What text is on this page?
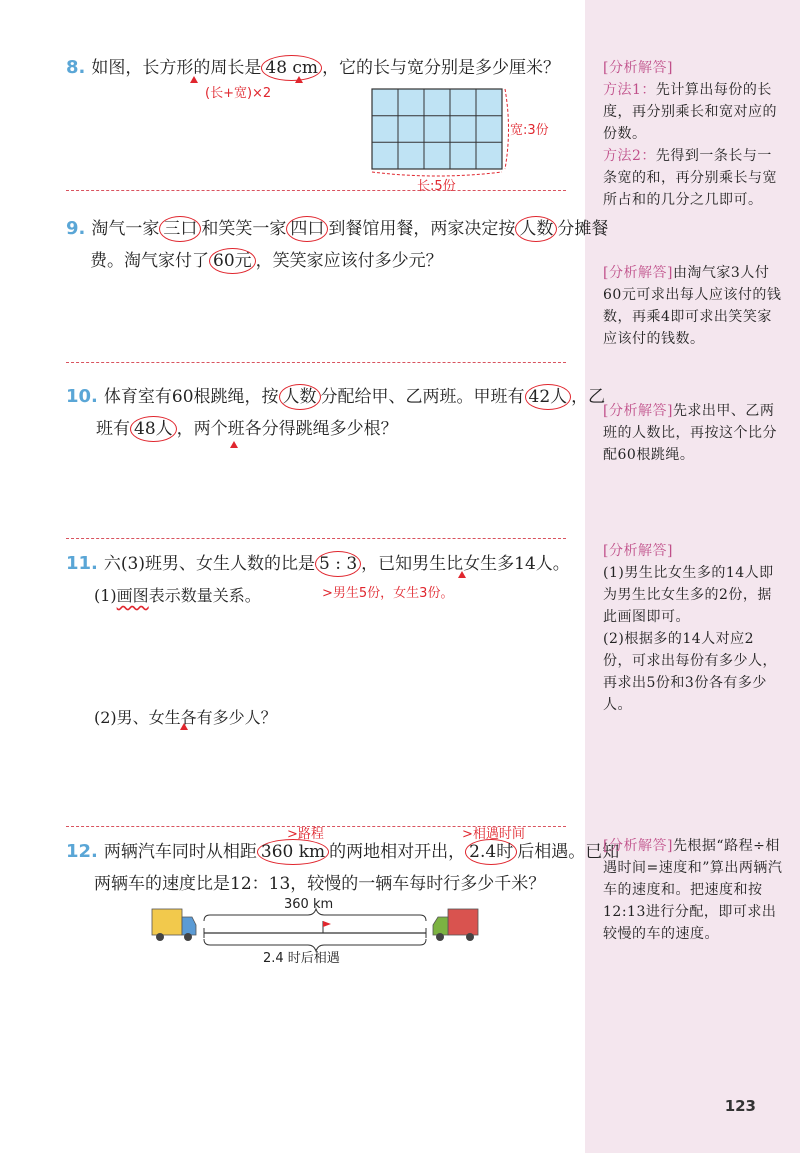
8. 如图，长方形的周长是 48 cm ，它的长与宽分别是多少厘米？
(长+宽)×2
宽:3份
长:5份
9. 淘气一家 三口 和笑笑一家 四口 到餐馆用餐，两家决定按 人数 分摊餐
费。淘气家付了 60元 ，笑笑家应该付多少元？
10. 体育室有60根跳绳，按 人数 分配给甲、乙两班。甲班有 42人 ，乙
班有 48人 ，两个班各分得跳绳多少根？
11. 六(3)班男、女生人数的比是 5 : 3 ，已知男生比女生多14人。
>男生5份，女生3份。
(1)画图表示数量关系。
(2)男、女生各有多少人？
>路程	>相遇时间
12. 两辆汽车同时从相距 360 km 的两地相对开出， 2.4时 后相遇。已知
两辆车的速度比是12：13，较慢的一辆车每时行多少千米？
360 km
2.4 时后相遇
[分析解答]
方法1：先计算出每份的长度，再分别乘长和宽对应的份数。
方法2：先得到一条长与一条宽的和，再分别乘长与宽所占和的几分之几即可。
[分析解答]由淘气家3人付60元可求出每人应该付的钱数，再乘4即可求出笑笑家应该付的钱数。
[分析解答]先求出甲、乙两班的人数比，再按这个比分配60根跳绳。
[分析解答]
(1)男生比女生多的14人即为男生比女生多的2份，据此画图即可。
(2)根据多的14人对应2份，可求出每份有多少人，再求出5份和3份各有多少人。
[分析解答]先根据“路程÷相遇时间=速度和”算出两辆汽车的速度和。把速度和按12:13进行分配，即可求出较慢的车的速度。
123
